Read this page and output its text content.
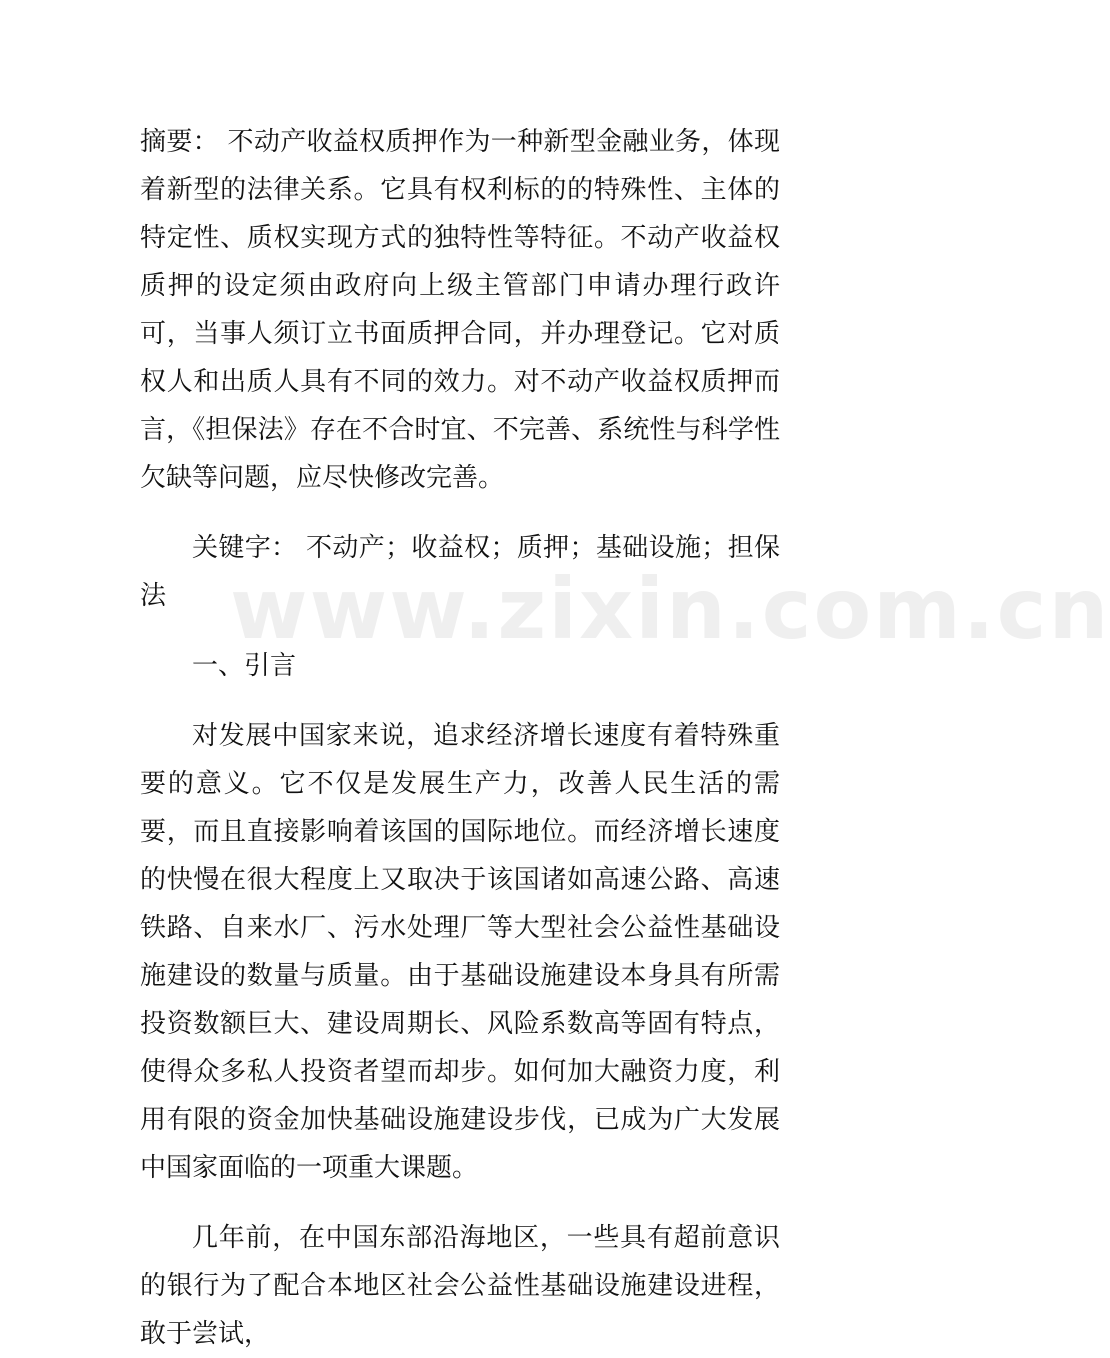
摘要： 不动产收益权质押作为一种新型金融业务，体现着新型的法律关系。它具有权利标的的特殊性、主体的特定性、质权实现方式的独特性等特征。不动产收益权质押的设定须由政府向上级主管部门申请办理行政许可，当事人须订立书面质押合同，并办理登记。它对质权人和出质人具有不同的效力。对不动产收益权质押而言，《担保法》存在不合时宜、不完善、系统性与科学性欠缺等问题，应尽快修改完善。

关键字： 不动产；收益权；质押；基础设施；担保法

一、引言

对发展中国家来说，追求经济增长速度有着特殊重要的意义。它不仅是发展生产力，改善人民生活的需要，而且直接影响着该国的国际地位。而经济增长速度的快慢在很大程度上又取决于该国诸如高速公路、高速铁路、自来水厂、污水处理厂等大型社会公益性基础设施建设的数量与质量。由于基础设施建设本身具有所需投资数额巨大、建设周期长、风险系数高等固有特点，使得众多私人投资者望而却步。如何加大融资力度，利用有限的资金加快基础设施建设步伐，已成为广大发展中国家面临的一项重大课题。

几年前，在中国东部沿海地区，一些具有超前意识的银行为了配合本地区社会公益性基础设施建设进程，敢于尝试，

www.zixin.com.cn
